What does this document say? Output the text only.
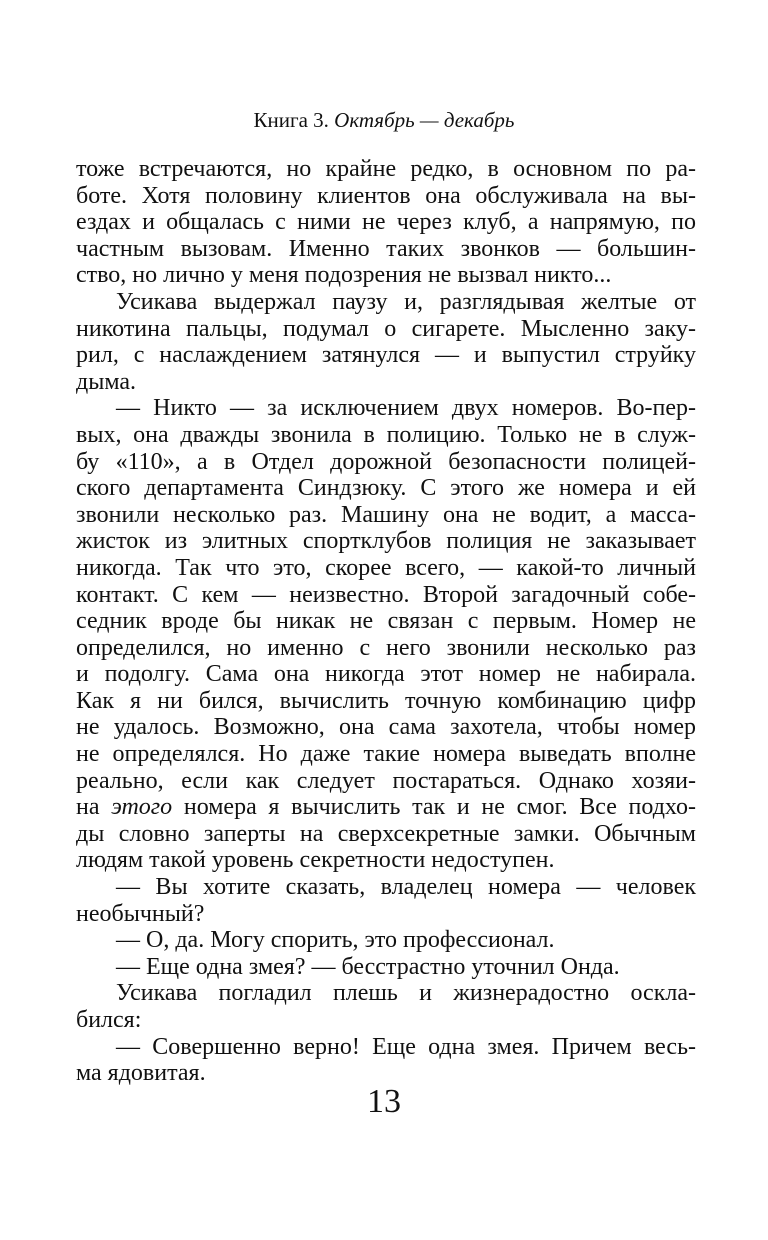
Книга 3. Октябрь — декабрь
тоже встречаются, но крайне редко, в основном по ра-
боте. Хотя половину клиентов она обслуживала на вы-
ездах и общалась с ними не через клуб, а напрямую, по
частным вызовам. Именно таких звонков — большин-
ство, но лично у меня подозрения не вызвал никто...
Усикава выдержал паузу и, разглядывая желтые от
никотина пальцы, подумал о сигарете. Мысленно заку-
рил, с наслаждением затянулся — и выпустил струйку
дыма.
— Никто — за исключением двух номеров. Во-пер-
вых, она дважды звонила в полицию. Только не в служ-
бу «110», а в Отдел дорожной безопасности полицей-
ского департамента Синдзюку. С этого же номера и ей
звонили несколько раз. Машину она не водит, а масса-
жисток из элитных спортклубов полиция не заказывает
никогда. Так что это, скорее всего, — какой-то личный
контакт. С кем — неизвестно. Второй загадочный собе-
седник вроде бы никак не связан с первым. Номер не
определился, но именно с него звонили несколько раз
и подолгу. Сама она никогда этот номер не набирала.
Как я ни бился, вычислить точную комбинацию цифр
не удалось. Возможно, она сама захотела, чтобы номер
не определялся. Но даже такие номера выведать вполне
реально, если как следует постараться. Однако хозяи-
на этого номера я вычислить так и не смог. Все подхо-
ды словно заперты на сверхсекретные замки. Обычным
людям такой уровень секретности недоступен.
— Вы хотите сказать, владелец номера — человек
необычный?
— О, да. Могу спорить, это профессионал.
— Еще одна змея? — бесстрастно уточнил Онда.
Усикава погладил плешь и жизнерадостно оскла-
бился:
— Совершенно верно! Еще одна змея. Причем весь-
ма ядовитая.
13
